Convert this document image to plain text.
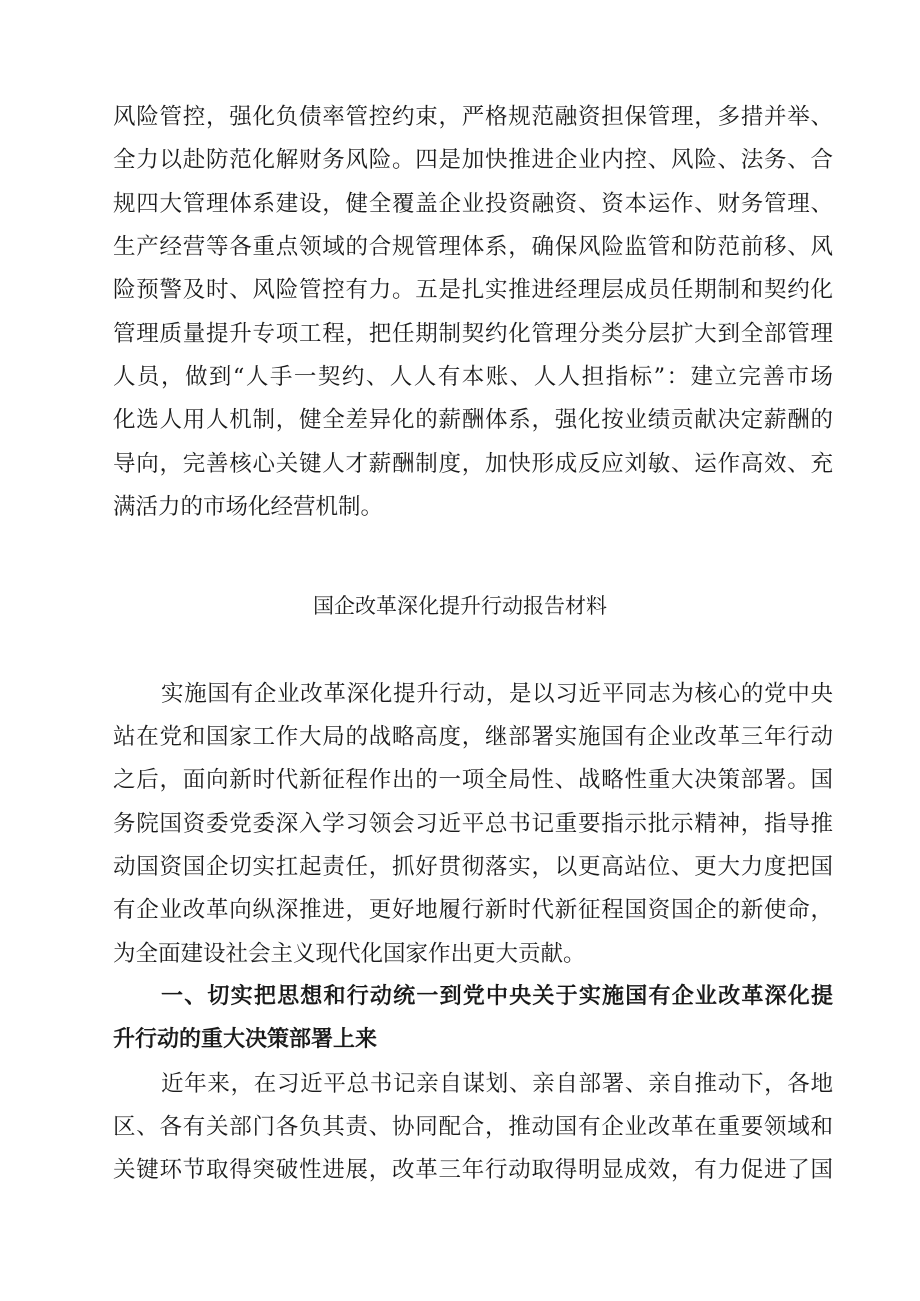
风险管控，强化负债率管控约束，严格规范融资担保管理，多措并举、
全力以赴防范化解财务风险。四是加快推进企业内控、风险、法务、合
规四大管理体系建设，健全覆盖企业投资融资、资本运作、财务管理、
生产经营等各重点领域的合规管理体系，确保风险监管和防范前移、风
险预警及时、风险管控有力。五是扎实推进经理层成员任期制和契约化
管理质量提升专项工程，把任期制契约化管理分类分层扩大到全部管理
人员，做到“人手一契约、人人有本账、人人担指标”：建立完善市场
化选人用人机制，健全差异化的薪酬体系，强化按业绩贡献决定薪酬的
导向，完善核心关键人才薪酬制度，加快形成反应刘敏、运作高效、充
满活力的市场化经营机制。
国企改革深化提升行动报告材料
实施国有企业改革深化提升行动，是以习近平同志为核心的党中央
站在党和国家工作大局的战略高度，继部署实施国有企业改革三年行动
之后，面向新时代新征程作出的一项全局性、战略性重大决策部署。国
务院国资委党委深入学习领会习近平总书记重要指示批示精神，指导推
动国资国企切实扛起责任，抓好贯彻落实，以更高站位、更大力度把国
有企业改革向纵深推进，更好地履行新时代新征程国资国企的新使命，
为全面建设社会主义现代化国家作出更大贡献。
一、切实把思想和行动统一到党中央关于实施国有企业改革深化提
升行动的重大决策部署上来
近年来，在习近平总书记亲自谋划、亲自部署、亲自推动下，各地
区、各有关部门各负其责、协同配合，推动国有企业改革在重要领域和
关键环节取得突破性进展，改革三年行动取得明显成效，有力促进了国
